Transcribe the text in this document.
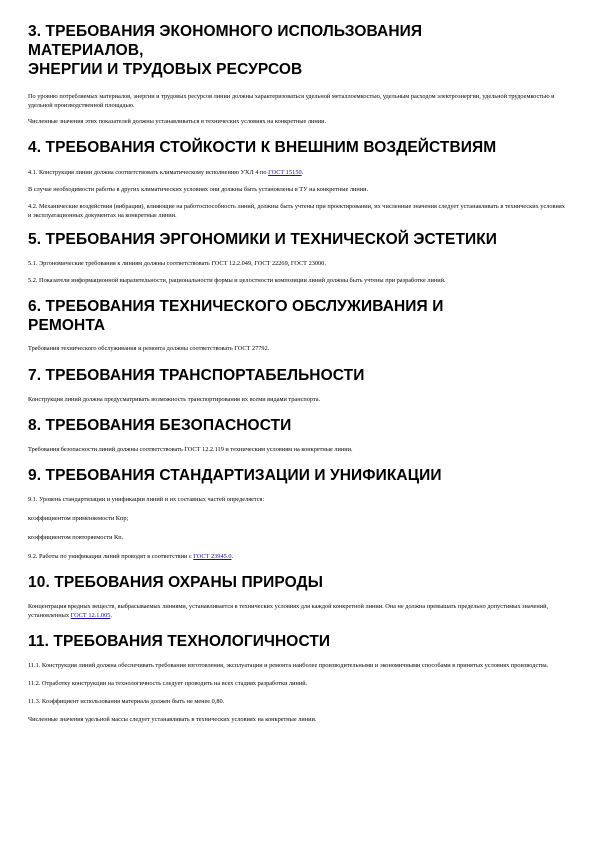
3. ТРЕБОВАНИЯ ЭКОНОМНОГО ИСПОЛЬЗОВАНИЯ
МАТЕРИАЛОВ,
ЭНЕРГИИ И ТРУДОВЫХ РЕСУРСОВ

По уровню потребляемых материалов, энергии и трудовых ресурсов линии должны характеризоваться удельной металлоемкостью, удельным расходом электроэнергии, удельной трудоемкостью и удельной производственной площадью.

Численные значения этих показателей должны устанавливаться в технических условиях на конкретные линии.

4. ТРЕБОВАНИЯ СТОЙКОСТИ К ВНЕШНИМ ВОЗДЕЙСТВИЯМ

4.1. Конструкция линии должна соответствовать климатическому исполнению УХЛ 4 по ГОСТ 15150.

В случае необходимости работы в других климатических условиях они должны быть установлены в ТУ на конкретные линии.

4.2. Механические воздействия (вибрации), влияющие на работоспособность линий, должны быть учтены при проектировании, их численные значения следует устанавливать в технических условиях и эксплуатационных документах на конкретные линии.

5. ТРЕБОВАНИЯ ЭРГОНОМИКИ И ТЕХНИЧЕСКОЙ ЭСТЕТИКИ

5.1. Эргономические требования к линиям должны соответствовать ГОСТ 12.2.049, ГОСТ 22269, ГОСТ 23000.

5.2. Показатели информационной выразительности, рациональности формы и целостности композиции линий должны быть учтены при разработке линий.

6. ТРЕБОВАНИЯ ТЕХНИЧЕСКОГО ОБСЛУЖИВАНИЯ И
РЕМОНТА

Требования технического обслуживания и ремонта должны соответствовать ГОСТ 27792.

7. ТРЕБОВАНИЯ ТРАНСПОРТАБЕЛЬНОСТИ

Конструкция линий должна предусматривать возможность транспортирования их всеми видами транспорта.

8. ТРЕБОВАНИЯ БЕЗОПАСНОСТИ

Требования безопасности линий должны соответствовать ГОСТ 12.2.119 и техническим условиям на конкретные линии.

9. ТРЕБОВАНИЯ СТАНДАРТИЗАЦИИ И УНИФИКАЦИИ

9.1. Уровень стандартизации и унификации линий и их составных частей определяется:

коэффициентом применяемости Кпр;

коэффициентом повторяемости Кп.

9.2. Работы по унификации линий проводят в соответствии с ГОСТ 23945.0.

10. ТРЕБОВАНИЯ ОХРАНЫ ПРИРОДЫ

Концентрация вредных веществ, выбрасываемых линиями, устанавливается в технических условиях для каждой конкретной линии. Она не должна превышать предельно допустимых значений, установленных ГОСТ 12.1.005.

11. ТРЕБОВАНИЯ ТЕХНОЛОГИЧНОСТИ

11.1. Конструкция линий должна обеспечивать требования изготовления, эксплуатации и ремонта наиболее производительными и экономичными способами в принятых условиях производства.

11.2. Отработку конструкции на технологичность следует проводить на всех стадиях разработки линий.

11.3. Коэффициент использования материала должен быть не менее 0,80.

Численные значения удельной массы следует устанавливать в технических условиях на конкретные линии.
